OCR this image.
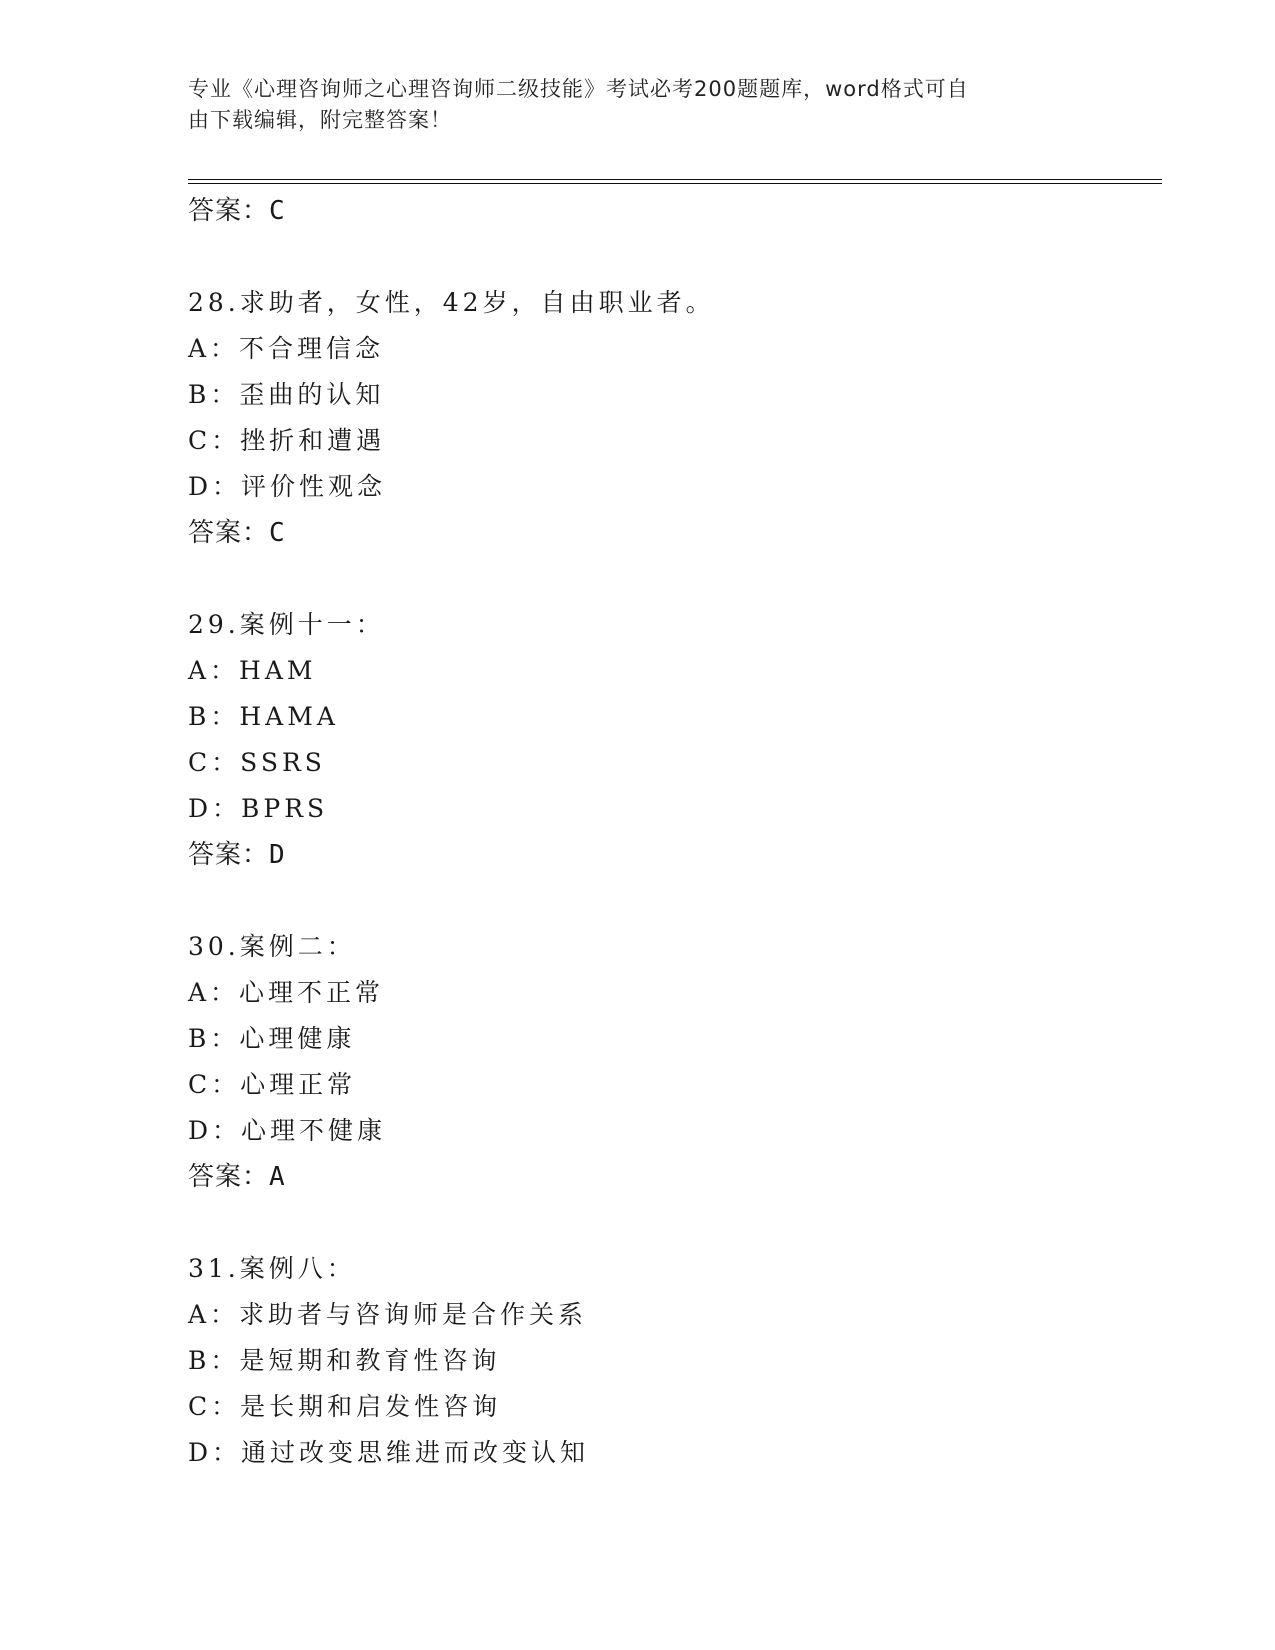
专业《心理咨询师之心理咨询师二级技能》考试必考200题题库，word格式可自
由下载编辑，附完整答案！
答案：C
28.求助者，女性，42岁，自由职业者。
A：不合理信念
B：歪曲的认知
C：挫折和遭遇
D：评价性观念
答案：C
29.案例十一：
A：HAM
B：HAMA
C：SSRS
D：BPRS
答案：D
30.案例二：
A：心理不正常
B：心理健康
C：心理正常
D：心理不健康
答案：A
31.案例八：
A：求助者与咨询师是合作关系
B：是短期和教育性咨询
C：是长期和启发性咨询
D：通过改变思维进而改变认知
